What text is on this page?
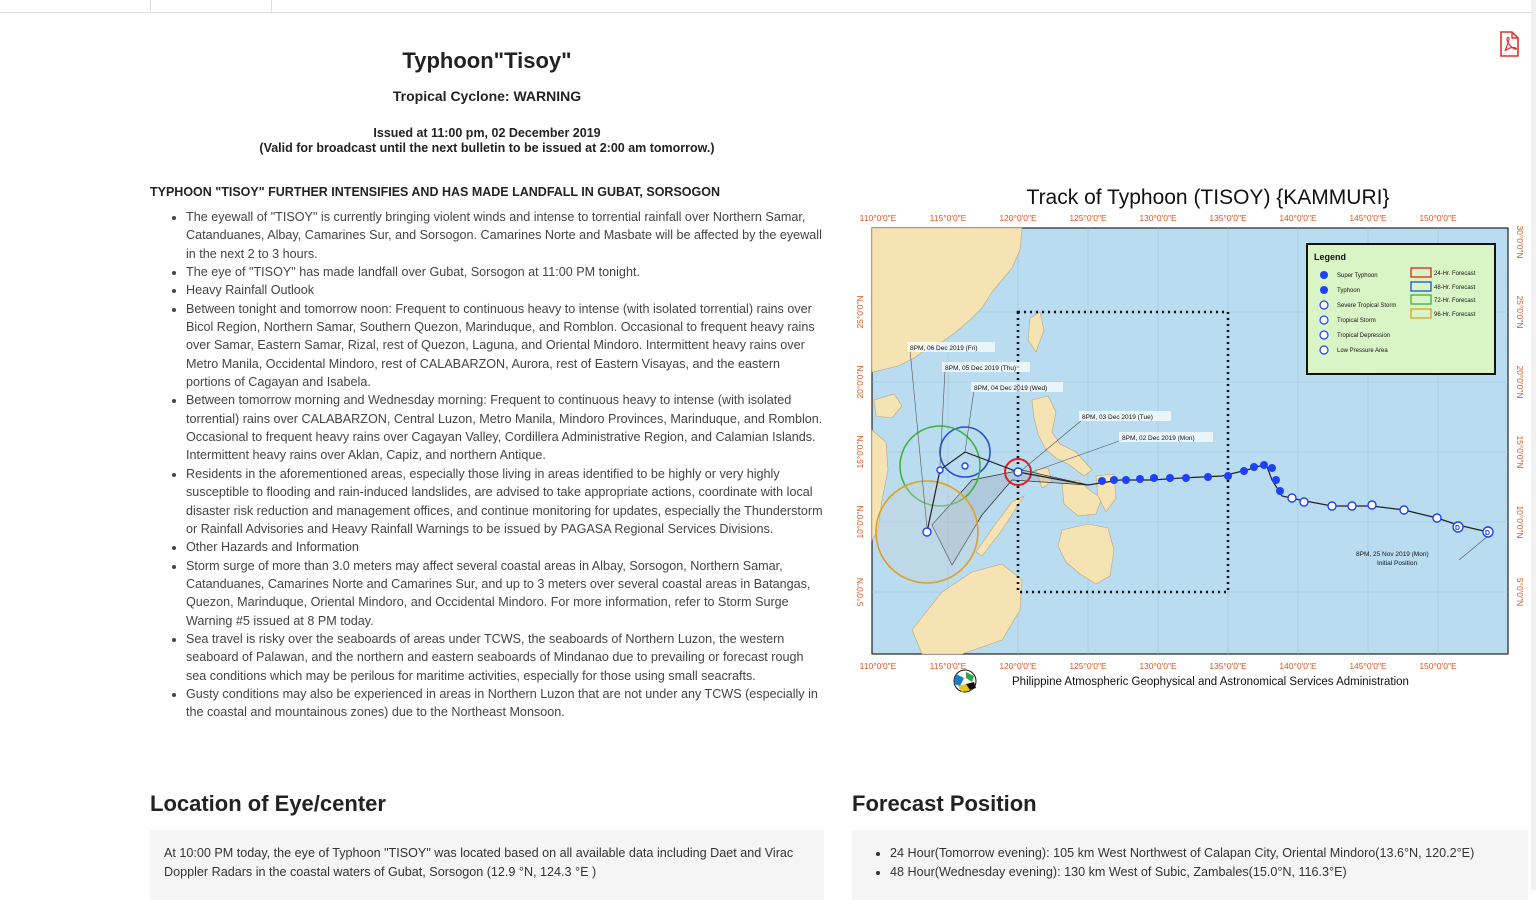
Typhoon"Tisoy"
Tropical Cyclone: WARNING
Issued at 11:00 pm, 02 December 2019
(Valid for broadcast until the next bulletin to be issued at 2:00 am tomorrow.)
TYPHOON "TISOY" FURTHER INTENSIFIES AND HAS MADE LANDFALL IN GUBAT, SORSOGON
• The eyewall of "TISOY" is currently bringing violent winds and intense to torrential rainfall over Northern Samar, Catanduanes, Albay, Camarines Sur, and Sorsogon. Camarines Norte and Masbate will be affected by the eyewall in the next 2 to 3 hours.
• The eye of "TISOY" has made landfall over Gubat, Sorsogon at 11:00 PM tonight.
• Heavy Rainfall Outlook
• Between tonight and tomorrow noon: Frequent to continuous heavy to intense (with isolated torrential) rains over Bicol Region, Northern Samar, Southern Quezon, Marinduque, and Romblon. Occasional to frequent heavy rains over Samar, Eastern Samar, Rizal, rest of Quezon, Laguna, and Oriental Mindoro. Intermittent heavy rains over Metro Manila, Occidental Mindoro, rest of CALABARZON, Aurora, rest of Eastern Visayas, and the eastern portions of Cagayan and Isabela.
• Between tomorrow morning and Wednesday morning: Frequent to continuous heavy to intense (with isolated torrential) rains over CALABARZON, Central Luzon, Metro Manila, Mindoro Provinces, Marinduque, and Romblon. Occasional to frequent heavy rains over Cagayan Valley, Cordillera Administrative Region, and Calamian Islands. Intermittent heavy rains over Aklan, Capiz, and northern Antique.
• Residents in the aforementioned areas, especially those living in areas identified to be highly or very highly susceptible to flooding and rain-induced landslides, are advised to take appropriate actions, coordinate with local disaster risk reduction and management offices, and continue monitoring for updates, especially the Thunderstorm or Rainfall Advisories and Heavy Rainfall Warnings to be issued by PAGASA Regional Services Divisions.
• Other Hazards and Information
• Storm surge of more than 3.0 meters may affect several coastal areas in Albay, Sorsogon, Northern Samar, Catanduanes, Camarines Norte and Camarines Sur, and up to 3 meters over several coastal areas in Batangas, Quezon, Marinduque, Oriental Mindoro, and Occidental Mindoro. For more information, refer to Storm Surge Warning #5 issued at 8 PM today.
• Sea travel is risky over the seaboards of areas under TCWS, the seaboards of Northern Luzon, the western seaboard of Palawan, and the northern and eastern seaboards of Mindanao due to prevailing or forecast rough sea conditions which may be perilous for maritime activities, especially for those using small seacrafts.
• Gusty conditions may also be experienced in areas in Northern Luzon that are not under any TCWS (especially in the coastal and mountainous zones) due to the Northeast Monsoon.
Track of Typhoon (TISOY) {KAMMURI}
110°0'0"E	115°0'0"E	120°0'0"E	125°0'0"E	130°0'0"E	135°0'0"E	140°0'0"E	145°0'0"E	150°0'0"E
110°0'0"E	115°0'0"E	120°0'0"E	125°0'0"E	130°0'0"E	135°0'0"E	140°0'0"E	145°0'0"E	150°0'0"E
25°0'0"N
20°0'0"N
15°0'0"N
10°0'0"N
5°0'0"N
30°0'0"N
25°0'0"N
20°0'0"N
15°0'0"N
10°0'0"N
5°0'0"N
D
D
8PM, 06 Dec 2019 (Fri)
8PM, 05 Dec 2019 (Thu)
8PM, 04 Dec 2019 (Wed)
8PM, 03 Dec 2019 (Tue)
8PM, 02 Dec 2019 (Mon)
8PM, 25 Nov 2019 (Mon)
Initial Position
Legend
Super Typhoon
Typhoon
Severe Tropical Storm
Tropical Storm
Tropical Depression
Low Pressure Area
24-Hr. Forecast
48-Hr. Forecast
72-Hr. Forecast
96-Hr. Forecast
Philippine Atmospheric Geophysical and Astronomical Services Administration
Location of Eye/center	Forecast Position

At 10:00 PM today, the eye of Typhoon "TISOY" was located based on all available data including Daet and Virac Doppler Radars in the coastal waters of Gubat, Sorsogon (12.9 °N, 124.3 °E )

• 24 Hour(Tomorrow evening): 105 km West Northwest of Calapan City, Oriental Mindoro(13.6°N, 120.2°E)
• 48 Hour(Wednesday evening): 130 km West of Subic, Zambales(15.0°N, 116.3°E)
